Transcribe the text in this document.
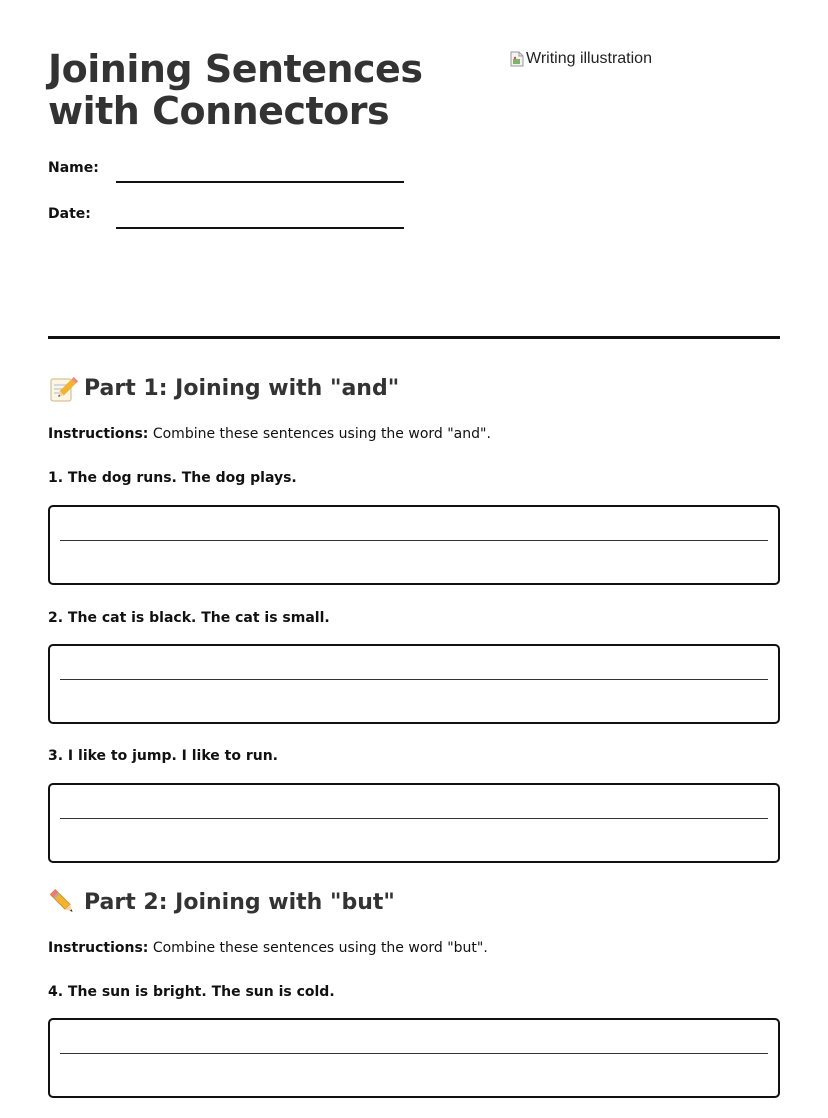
Joining Sentences with Connectors
Writing illustration
Name:
Date:
Part 1: Joining with "and"
Instructions: Combine these sentences using the word "and".
1. The dog runs. The dog plays.
2. The cat is black. The cat is small.
3. I like to jump. I like to run.
Part 2: Joining with "but"
Instructions: Combine these sentences using the word "but".
4. The sun is bright. The sun is cold.
